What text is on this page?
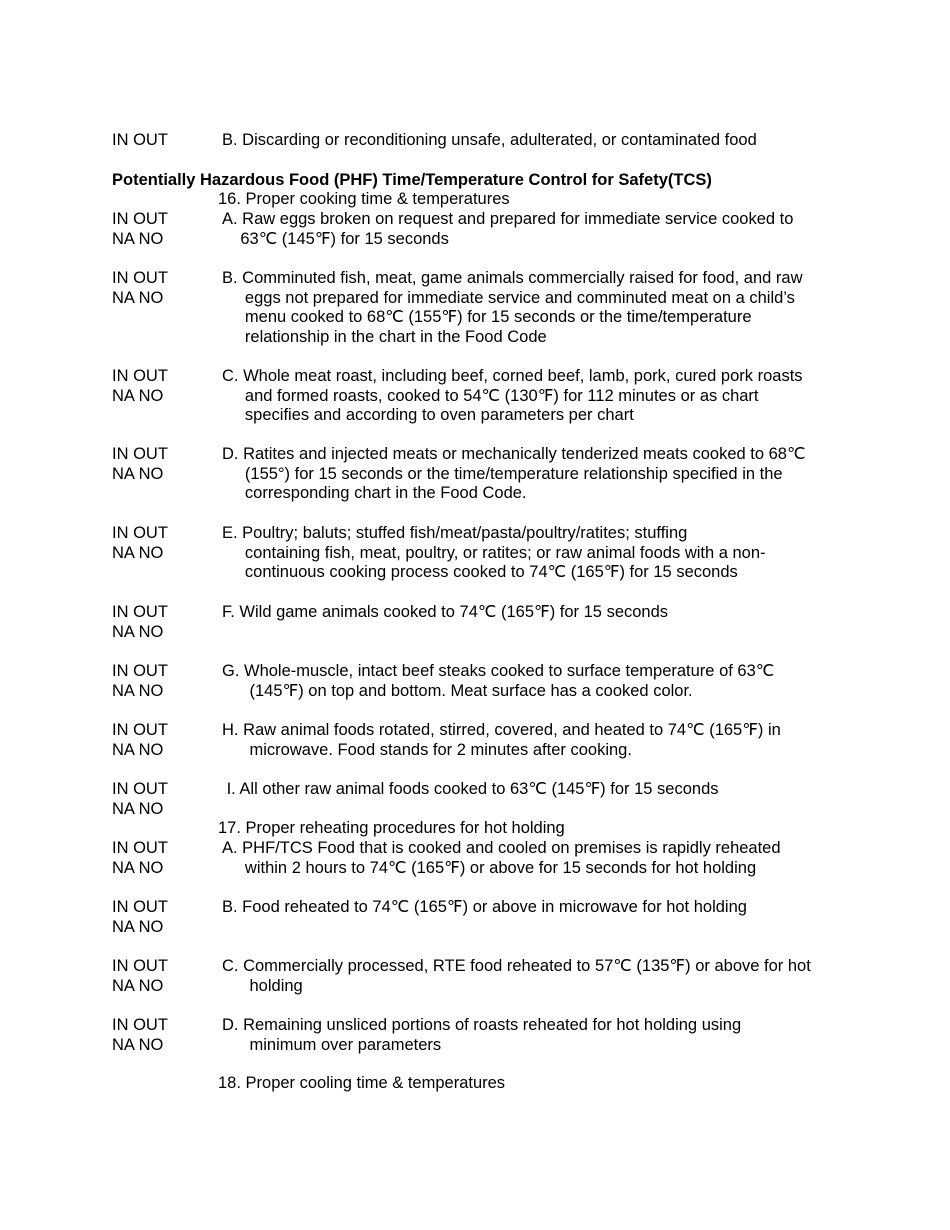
IN OUT	B. Discarding or reconditioning unsafe, adulterated, or contaminated food
Potentially Hazardous Food (PHF) Time/Temperature Control for Safety(TCS)
16. Proper cooking time & temperatures
IN OUT
NA NO
A. Raw eggs broken on request and prepared for immediate service cooked to
63℃ (145℉) for 15 seconds
IN OUT
NA NO
B. Comminuted fish, meat, game animals commercially raised for food, and raw
eggs not prepared for immediate service and comminuted meat on a child’s
menu cooked to 68℃ (155℉) for 15 seconds or the time/temperature
relationship in the chart in the Food Code
IN OUT
NA NO
C. Whole meat roast, including beef, corned beef, lamb, pork, cured pork roasts
and formed roasts, cooked to 54℃ (130℉) for 112 minutes or as chart
specifies and according to oven parameters per chart
IN OUT
NA NO
D. Ratites and injected meats or mechanically tenderized meats cooked to 68℃
(155°) for 15 seconds or the time/temperature relationship specified in the
corresponding chart in the Food Code.
IN OUT
NA NO
E. Poultry; baluts; stuffed fish/meat/pasta/poultry/ratites; stuffing
containing fish, meat, poultry, or ratites; or raw animal foods with a non-
continuous cooking process cooked to 74℃ (165℉) for 15 seconds
IN OUT
NA NO
F. Wild game animals cooked to 74℃ (165℉) for 15 seconds
IN OUT
NA NO
G. Whole-muscle, intact beef steaks cooked to surface temperature of 63℃
(145℉) on top and bottom. Meat surface has a cooked color.
IN OUT
NA NO
H. Raw animal foods rotated, stirred, covered, and heated to 74℃ (165℉) in
microwave. Food stands for 2 minutes after cooking.
IN OUT
NA NO
I. All other raw animal foods cooked to 63℃ (145℉) for 15 seconds
17. Proper reheating procedures for hot holding
IN OUT
NA NO
A. PHF/TCS Food that is cooked and cooled on premises is rapidly reheated
within 2 hours to 74℃ (165℉) or above for 15 seconds for hot holding
IN OUT
NA NO
B. Food reheated to 74℃ (165℉) or above in microwave for hot holding
IN OUT
NA NO
C. Commercially processed, RTE food reheated to 57℃ (135℉) or above for hot
holding
IN OUT
NA NO
D. Remaining unsliced portions of roasts reheated for hot holding using
minimum over parameters
18. Proper cooling time & temperatures
